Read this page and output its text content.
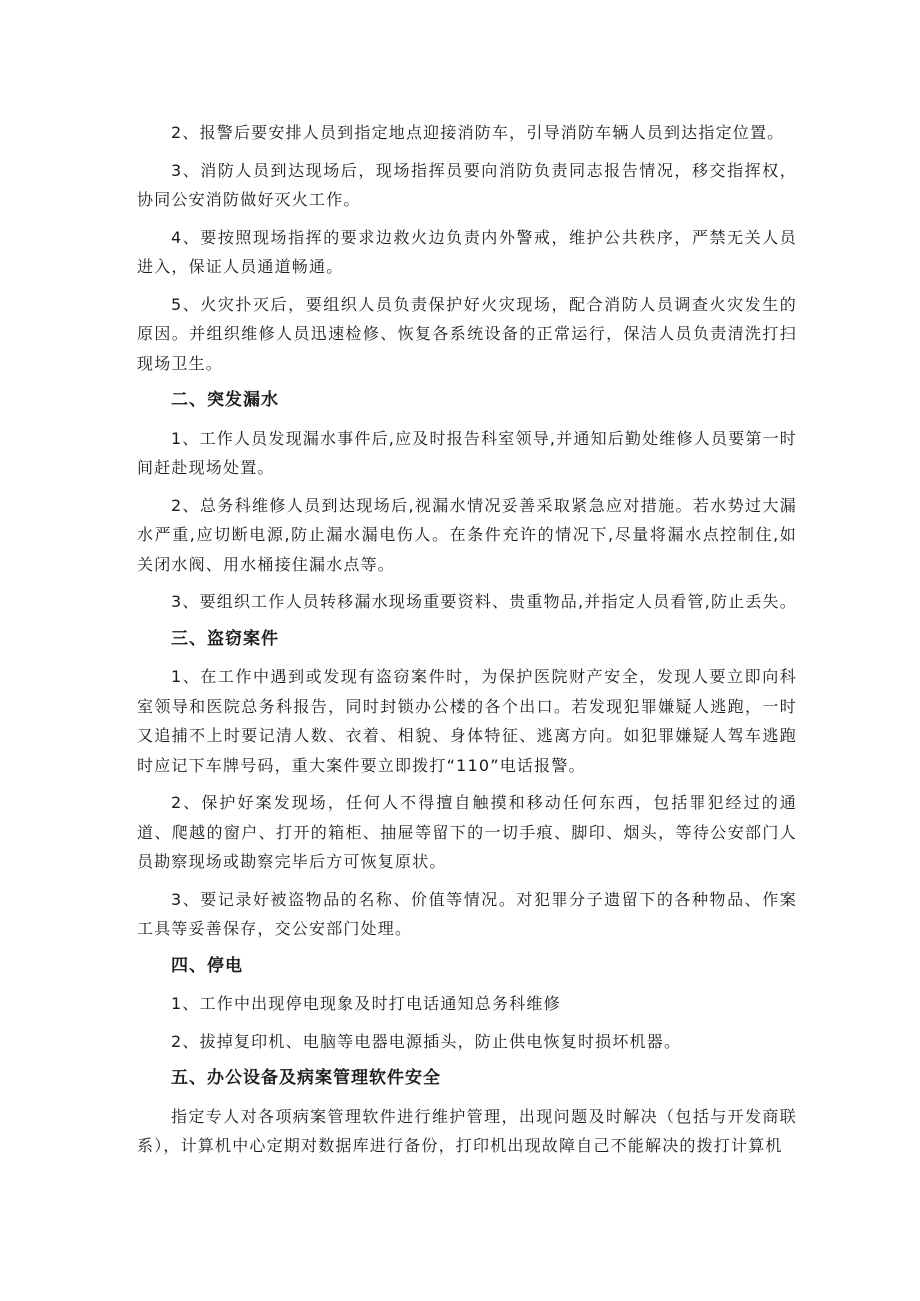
2、报警后要安排人员到指定地点迎接消防车，引导消防车辆人员到达指定位置。

3、消防人员到达现场后，现场指挥员要向消防负责同志报告情况，移交指挥权，协同公安消防做好灭火工作。

4、要按照现场指挥的要求边救火边负责内外警戒，维护公共秩序，严禁无关人员进入，保证人员通道畅通。

5、火灾扑灭后，要组织人员负责保护好火灾现场，配合消防人员调查火灾发生的原因。并组织维修人员迅速检修、恢复各系统设备的正常运行，保洁人员负责清洗打扫现场卫生。

二、突发漏水

1、工作人员发现漏水事件后,应及时报告科室领导,并通知后勤处维修人员要第一时间赶赴现场处置。

2、总务科维修人员到达现场后,视漏水情况妥善采取紧急应对措施。若水势过大漏水严重,应切断电源,防止漏水漏电伤人。在条件充许的情况下,尽量将漏水点控制住,如关闭水阀、用水桶接住漏水点等。

3、要组织工作人员转移漏水现场重要资料、贵重物品,并指定人员看管,防止丢失。

三、盗窃案件

1、在工作中遇到或发现有盗窃案件时，为保护医院财产安全，发现人要立即向科室领导和医院总务科报告，同时封锁办公楼的各个出口。若发现犯罪嫌疑人逃跑，一时又追捕不上时要记清人数、衣着、相貌、身体特征、逃离方向。如犯罪嫌疑人驾车逃跑时应记下车牌号码，重大案件要立即拨打“110”电话报警。

2、保护好案发现场，任何人不得擅自触摸和移动任何东西，包括罪犯经过的通道、爬越的窗户、打开的箱柜、抽屉等留下的一切手痕、脚印、烟头，等待公安部门人员勘察现场或勘察完毕后方可恢复原状。

3、要记录好被盗物品的名称、价值等情况。对犯罪分子遗留下的各种物品、作案工具等妥善保存，交公安部门处理。

四、停电

1、工作中出现停电现象及时打电话通知总务科维修

2、拔掉复印机、电脑等电器电源插头，防止供电恢复时损坏机器。

五、办公设备及病案管理软件安全

指定专人对各项病案管理软件进行维护管理，出现问题及时解决（包括与开发商联系），计算机中心定期对数据库进行备份，打印机出现故障自己不能解决的拨打计算机
